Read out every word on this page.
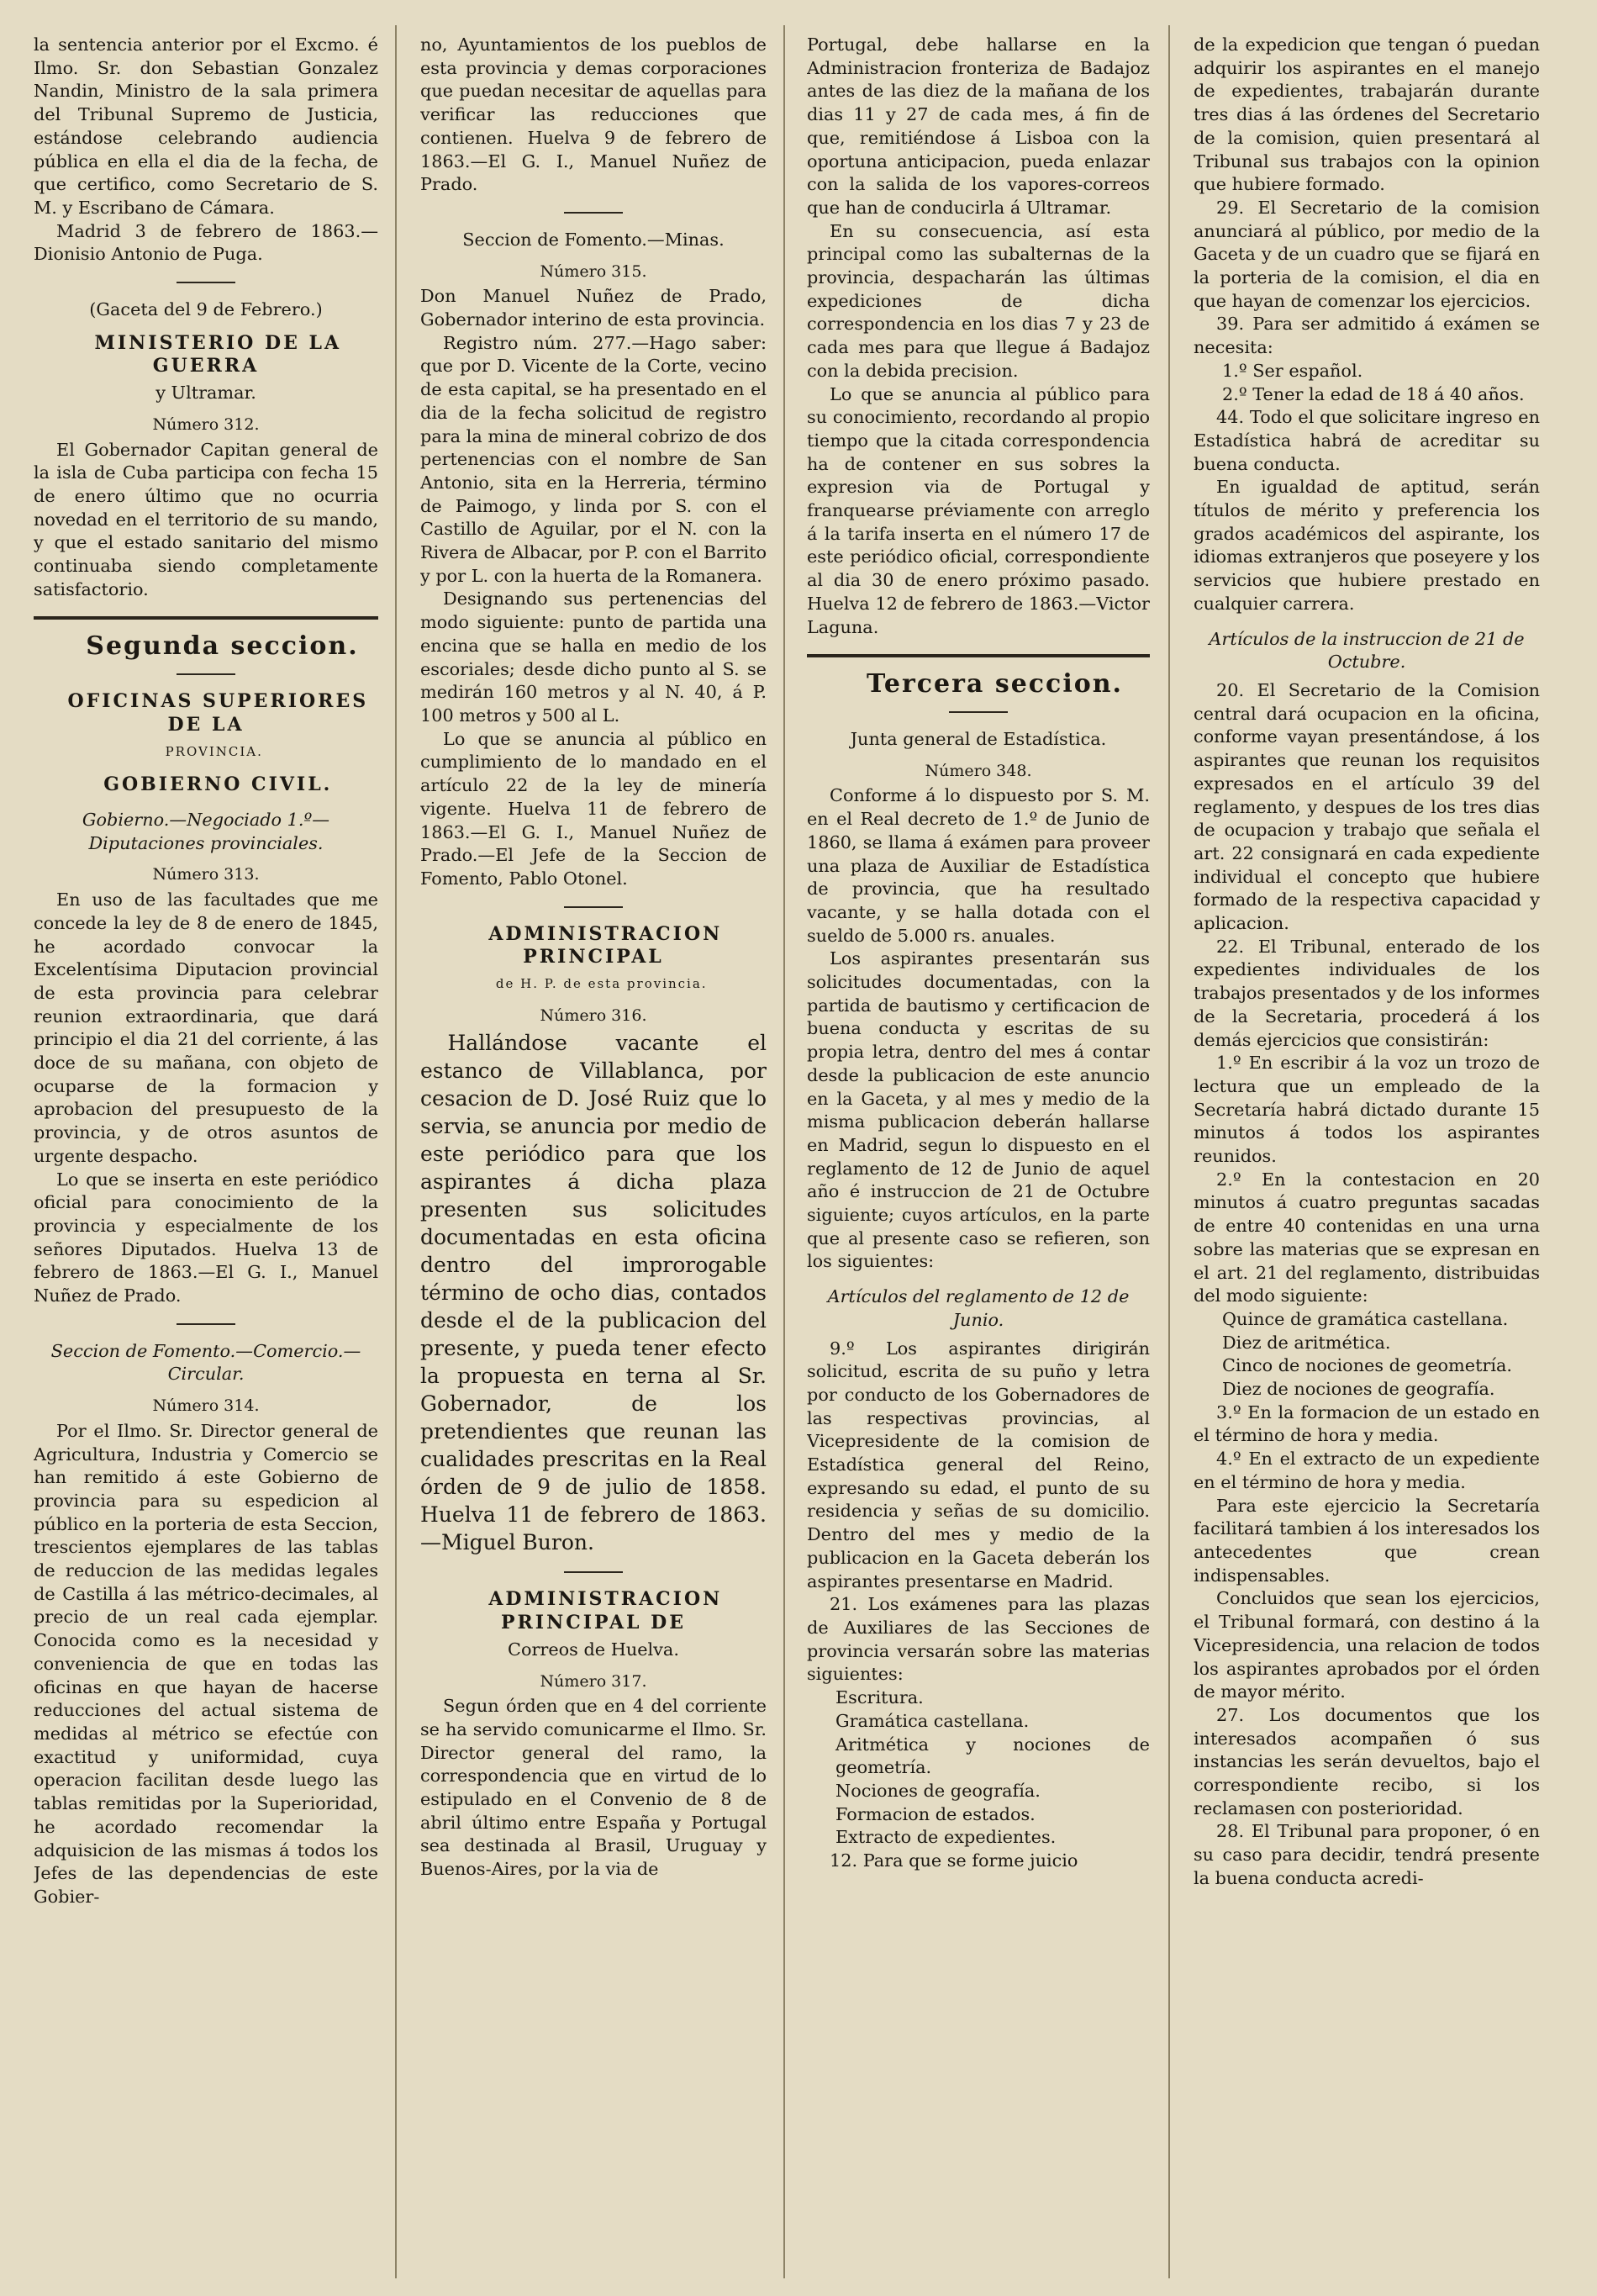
la sentencia anterior por el Excmo. é Ilmo. Sr. don Sebastian Gonzalez Nandin, Ministro de la sala primera del Tribunal Supremo de Justicia, estándose celebrando audiencia pública en ella el dia de la fecha, de que certifico, como Secretario de S. M. y Escribano de Cámara.

Madrid 3 de febrero de 1863.—Dionisio Antonio de Puga.

(Gaceta del 9 de Febrero.)

MINISTERIO DE LA GUERRA

y Ultramar.

Número 312.

El Gobernador Capitan general de la isla de Cuba participa con fecha 15 de enero último que no ocurria novedad en el territorio de su mando, y que el estado sanitario del mismo continuaba siendo completamente satisfactorio.

Segunda seccion.

OFICINAS SUPERIORES DE LA

PROVINCIA.

GOBIERNO CIVIL.

Gobierno.—Negociado 1.º—Diputaciones provinciales.

Número 313.

En uso de las facultades que me concede la ley de 8 de enero de 1845, he acordado convocar la Excelentísima Diputacion provincial de esta provincia para celebrar reunion extraordinaria, que dará principio el dia 21 del corriente, á las doce de su mañana, con objeto de ocuparse de la formacion y aprobacion del presupuesto de la provincia, y de otros asuntos de urgente despacho.

Lo que se inserta en este periódico oficial para conocimiento de la provincia y especialmente de los señores Diputados. Huelva 13 de febrero de 1863.—El G. I., Manuel Nuñez de Prado.

Seccion de Fomento.—Comercio.—Circular.

Número 314.

Por el Ilmo. Sr. Director general de Agricultura, Industria y Comercio se han remitido á este Gobierno de provincia para su espedicion al público en la porteria de esta Seccion, trescientos ejemplares de las tablas de reduccion de las medidas legales de Castilla á las métrico-decimales, al precio de un real cada ejemplar. Conocida como es la necesidad y conveniencia de que en todas las oficinas en que hayan de hacerse reducciones del actual sistema de medidas al métrico se efectúe con exactitud y uniformidad, cuya operacion facilitan desde luego las tablas remitidas por la Superioridad, he acordado recomendar la adquisicion de las mismas á todos los Jefes de las dependencias de este Gobier-

no, Ayuntamientos de los pueblos de esta provincia y demas corporaciones que puedan necesitar de aquellas para verificar las reducciones que contienen. Huelva 9 de febrero de 1863.—El G. I., Manuel Nuñez de Prado.

Seccion de Fomento.—Minas.

Número 315.

Don Manuel Nuñez de Prado, Gobernador interino de esta provincia.

Registro núm. 277.—Hago saber: que por D. Vicente de la Corte, vecino de esta capital, se ha presentado en el dia de la fecha solicitud de registro para la mina de mineral cobrizo de dos pertenencias con el nombre de San Antonio, sita en la Herreria, término de Paimogo, y linda por S. con el Castillo de Aguilar, por el N. con la Rivera de Albacar, por P. con el Barrito y por L. con la huerta de la Romanera.

Designando sus pertenencias del modo siguiente: punto de partida una encina que se halla en medio de los escoriales; desde dicho punto al S. se medirán 160 metros y al N. 40, á P. 100 metros y 500 al L.

Lo que se anuncia al público en cumplimiento de lo mandado en el artículo 22 de la ley de minería vigente. Huelva 11 de febrero de 1863.—El G. I., Manuel Nuñez de Prado.—El Jefe de la Seccion de Fomento, Pablo Otonel.

ADMINISTRACION PRINCIPAL

de H. P. de esta provincia.

Número 316.

Hallándose vacante el estanco de Villablanca, por cesacion de D. José Ruiz que lo servia, se anuncia por medio de este periódico para que los aspirantes á dicha plaza presenten sus solicitudes documentadas en esta oficina dentro del improrogable término de ocho dias, contados desde el de la publicacion del presente, y pueda tener efecto la propuesta en terna al Sr. Gobernador, de los pretendientes que reunan las cualidades prescritas en la Real órden de 9 de julio de 1858. Huelva 11 de febrero de 1863. —Miguel Buron.

ADMINISTRACION PRINCIPAL DE

Correos de Huelva.

Número 317.

Segun órden que en 4 del corriente se ha servido comunicarme el Ilmo. Sr. Director general del ramo, la correspondencia que en virtud de lo estipulado en el Convenio de 8 de abril último entre España y Portugal sea destinada al Brasil, Uruguay y Buenos-Aires, por la via de

Portugal, debe hallarse en la Administracion fronteriza de Badajoz antes de las diez de la mañana de los dias 11 y 27 de cada mes, á fin de que, remitiéndose á Lisboa con la oportuna anticipacion, pueda enlazar con la salida de los vapores-correos que han de conducirla á Ultramar.

En su consecuencia, así esta principal como las subalternas de la provincia, despacharán las últimas expediciones de dicha correspondencia en los dias 7 y 23 de cada mes para que llegue á Badajoz con la debida precision.

Lo que se anuncia al público para su conocimiento, recordando al propio tiempo que la citada correspondencia ha de contener en sus sobres la expresion via de Portugal y franquearse préviamente con arreglo á la tarifa inserta en el número 17 de este periódico oficial, correspondiente al dia 30 de enero próximo pasado. Huelva 12 de febrero de 1863.—Victor Laguna.

Tercera seccion.

Junta general de Estadística.

Número 348.

Conforme á lo dispuesto por S. M. en el Real decreto de 1.º de Junio de 1860, se llama á exámen para proveer una plaza de Auxiliar de Estadística de provincia, que ha resultado vacante, y se halla dotada con el sueldo de 5.000 rs. anuales.

Los aspirantes presentarán sus solicitudes documentadas, con la partida de bautismo y certificacion de buena conducta y escritas de su propia letra, dentro del mes á contar desde la publicacion de este anuncio en la Gaceta, y al mes y medio de la misma publicacion deberán hallarse en Madrid, segun lo dispuesto en el reglamento de 12 de Junio de aquel año é instruccion de 21 de Octubre siguiente; cuyos artículos, en la parte que al presente caso se refieren, son los siguientes:

Artículos del reglamento de 12 de Junio.

9.º Los aspirantes dirigirán solicitud, escrita de su puño y letra por conducto de los Gobernadores de las respectivas provincias, al Vicepresidente de la comision de Estadística general del Reino, expresando su edad, el punto de su residencia y señas de su domicilio. Dentro del mes y medio de la publicacion en la Gaceta deberán los aspirantes presentarse en Madrid.

21. Los exámenes para las plazas de Auxiliares de las Secciones de provincia versarán sobre las materias siguientes:

Escritura.

Gramática castellana.

Aritmética y nociones de geometría.

Nociones de geografía.

Formacion de estados.

Extracto de expedientes.

12. Para que se forme juicio

de la expedicion que tengan ó puedan adquirir los aspirantes en el manejo de expedientes, trabajarán durante tres dias á las órdenes del Secretario de la comision, quien presentará al Tribunal sus trabajos con la opinion que hubiere formado.

29. El Secretario de la comision anunciará al público, por medio de la Gaceta y de un cuadro que se fijará en la porteria de la comision, el dia en que hayan de comenzar los ejercicios.

39. Para ser admitido á exámen se necesita:

1.º Ser español.

2.º Tener la edad de 18 á 40 años.

44. Todo el que solicitare ingreso en Estadística habrá de acreditar su buena conducta.

En igualdad de aptitud, serán títulos de mérito y preferencia los grados académicos del aspirante, los idiomas extranjeros que poseyere y los servicios que hubiere prestado en cualquier carrera.

Artículos de la instruccion de 21 de Octubre.

20. El Secretario de la Comision central dará ocupacion en la oficina, conforme vayan presentándose, á los aspirantes que reunan los requisitos expresados en el artículo 39 del reglamento, y despues de los tres dias de ocupacion y trabajo que señala el art. 22 consignará en cada expediente individual el concepto que hubiere formado de la respectiva capacidad y aplicacion.

22. El Tribunal, enterado de los expedientes individuales de los trabajos presentados y de los informes de la Secretaria, procederá á los demás ejercicios que consistirán:

1.º En escribir á la voz un trozo de lectura que un empleado de la Secretaría habrá dictado durante 15 minutos á todos los aspirantes reunidos.

2.º En la contestacion en 20 minutos á cuatro preguntas sacadas de entre 40 contenidas en una urna sobre las materias que se expresan en el art. 21 del reglamento, distribuidas del modo siguiente:

Quince de gramática castellana.

Diez de aritmética.

Cinco de nociones de geometría.

Diez de nociones de geografía.

3.º En la formacion de un estado en el término de hora y media.

4.º En el extracto de un expediente en el término de hora y media.

Para este ejercicio la Secretaría facilitará tambien á los interesados los antecedentes que crean indispensables.

Concluidos que sean los ejercicios, el Tribunal formará, con destino á la Vicepresidencia, una relacion de todos los aspirantes aprobados por el órden de mayor mérito.

27. Los documentos que los interesados acompañen ó sus instancias les serán devueltos, bajo el correspondiente recibo, si los reclamasen con posterioridad.

28. El Tribunal para proponer, ó en su caso para decidir, tendrá presente la buena conducta acredi-
